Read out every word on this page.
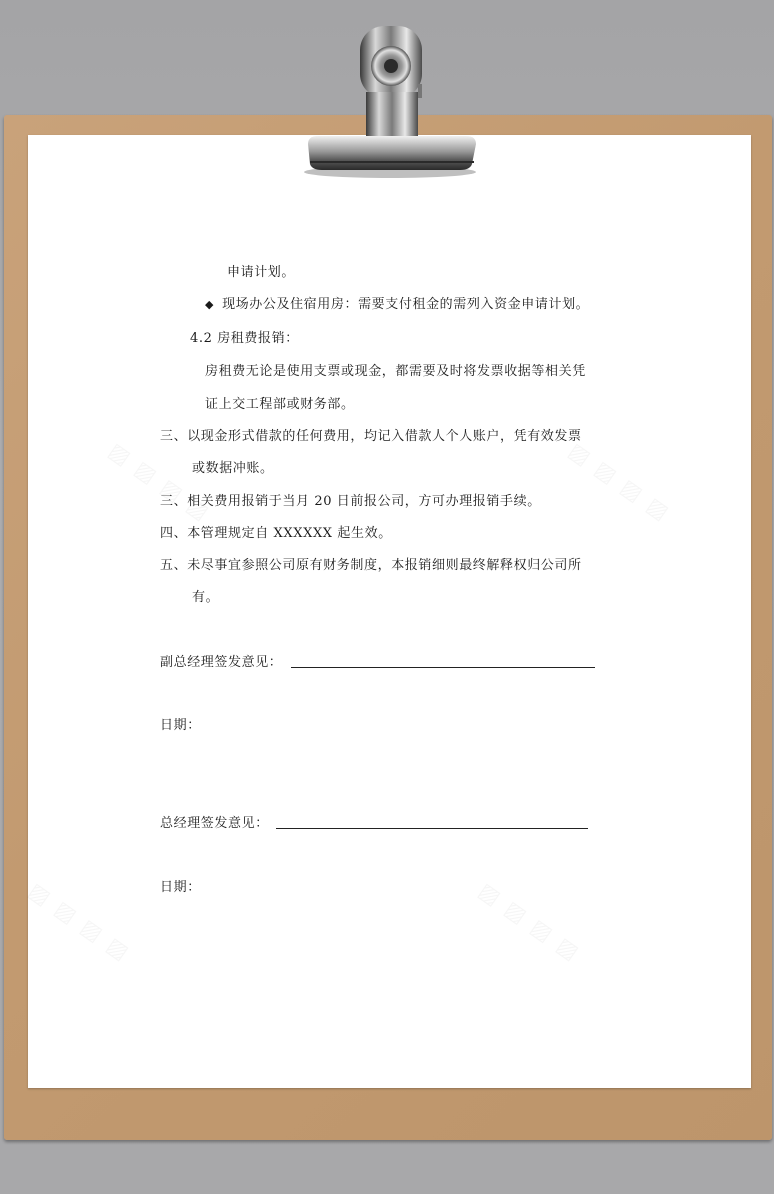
申请计划。
◆ 现场办公及住宿用房：需要支付租金的需列入资金申请计划。
4.2 房租费报销：
房租费无论是使用支票或现金，都需要及时将发票收据等相关凭
证上交工程部或财务部。
三、以现金形式借款的任何费用，均记入借款人个人账户，凭有效发票
或数据冲账。
三、相关费用报销于当月 20 日前报公司，方可办理报销手续。
四、本管理规定自 XXXXXX 起生效。
五、未尽事宜参照公司原有财务制度，本报销细则最终解释权归公司所
有。
副总经理签发意见：
日期：
总经理签发意见：
日期：
